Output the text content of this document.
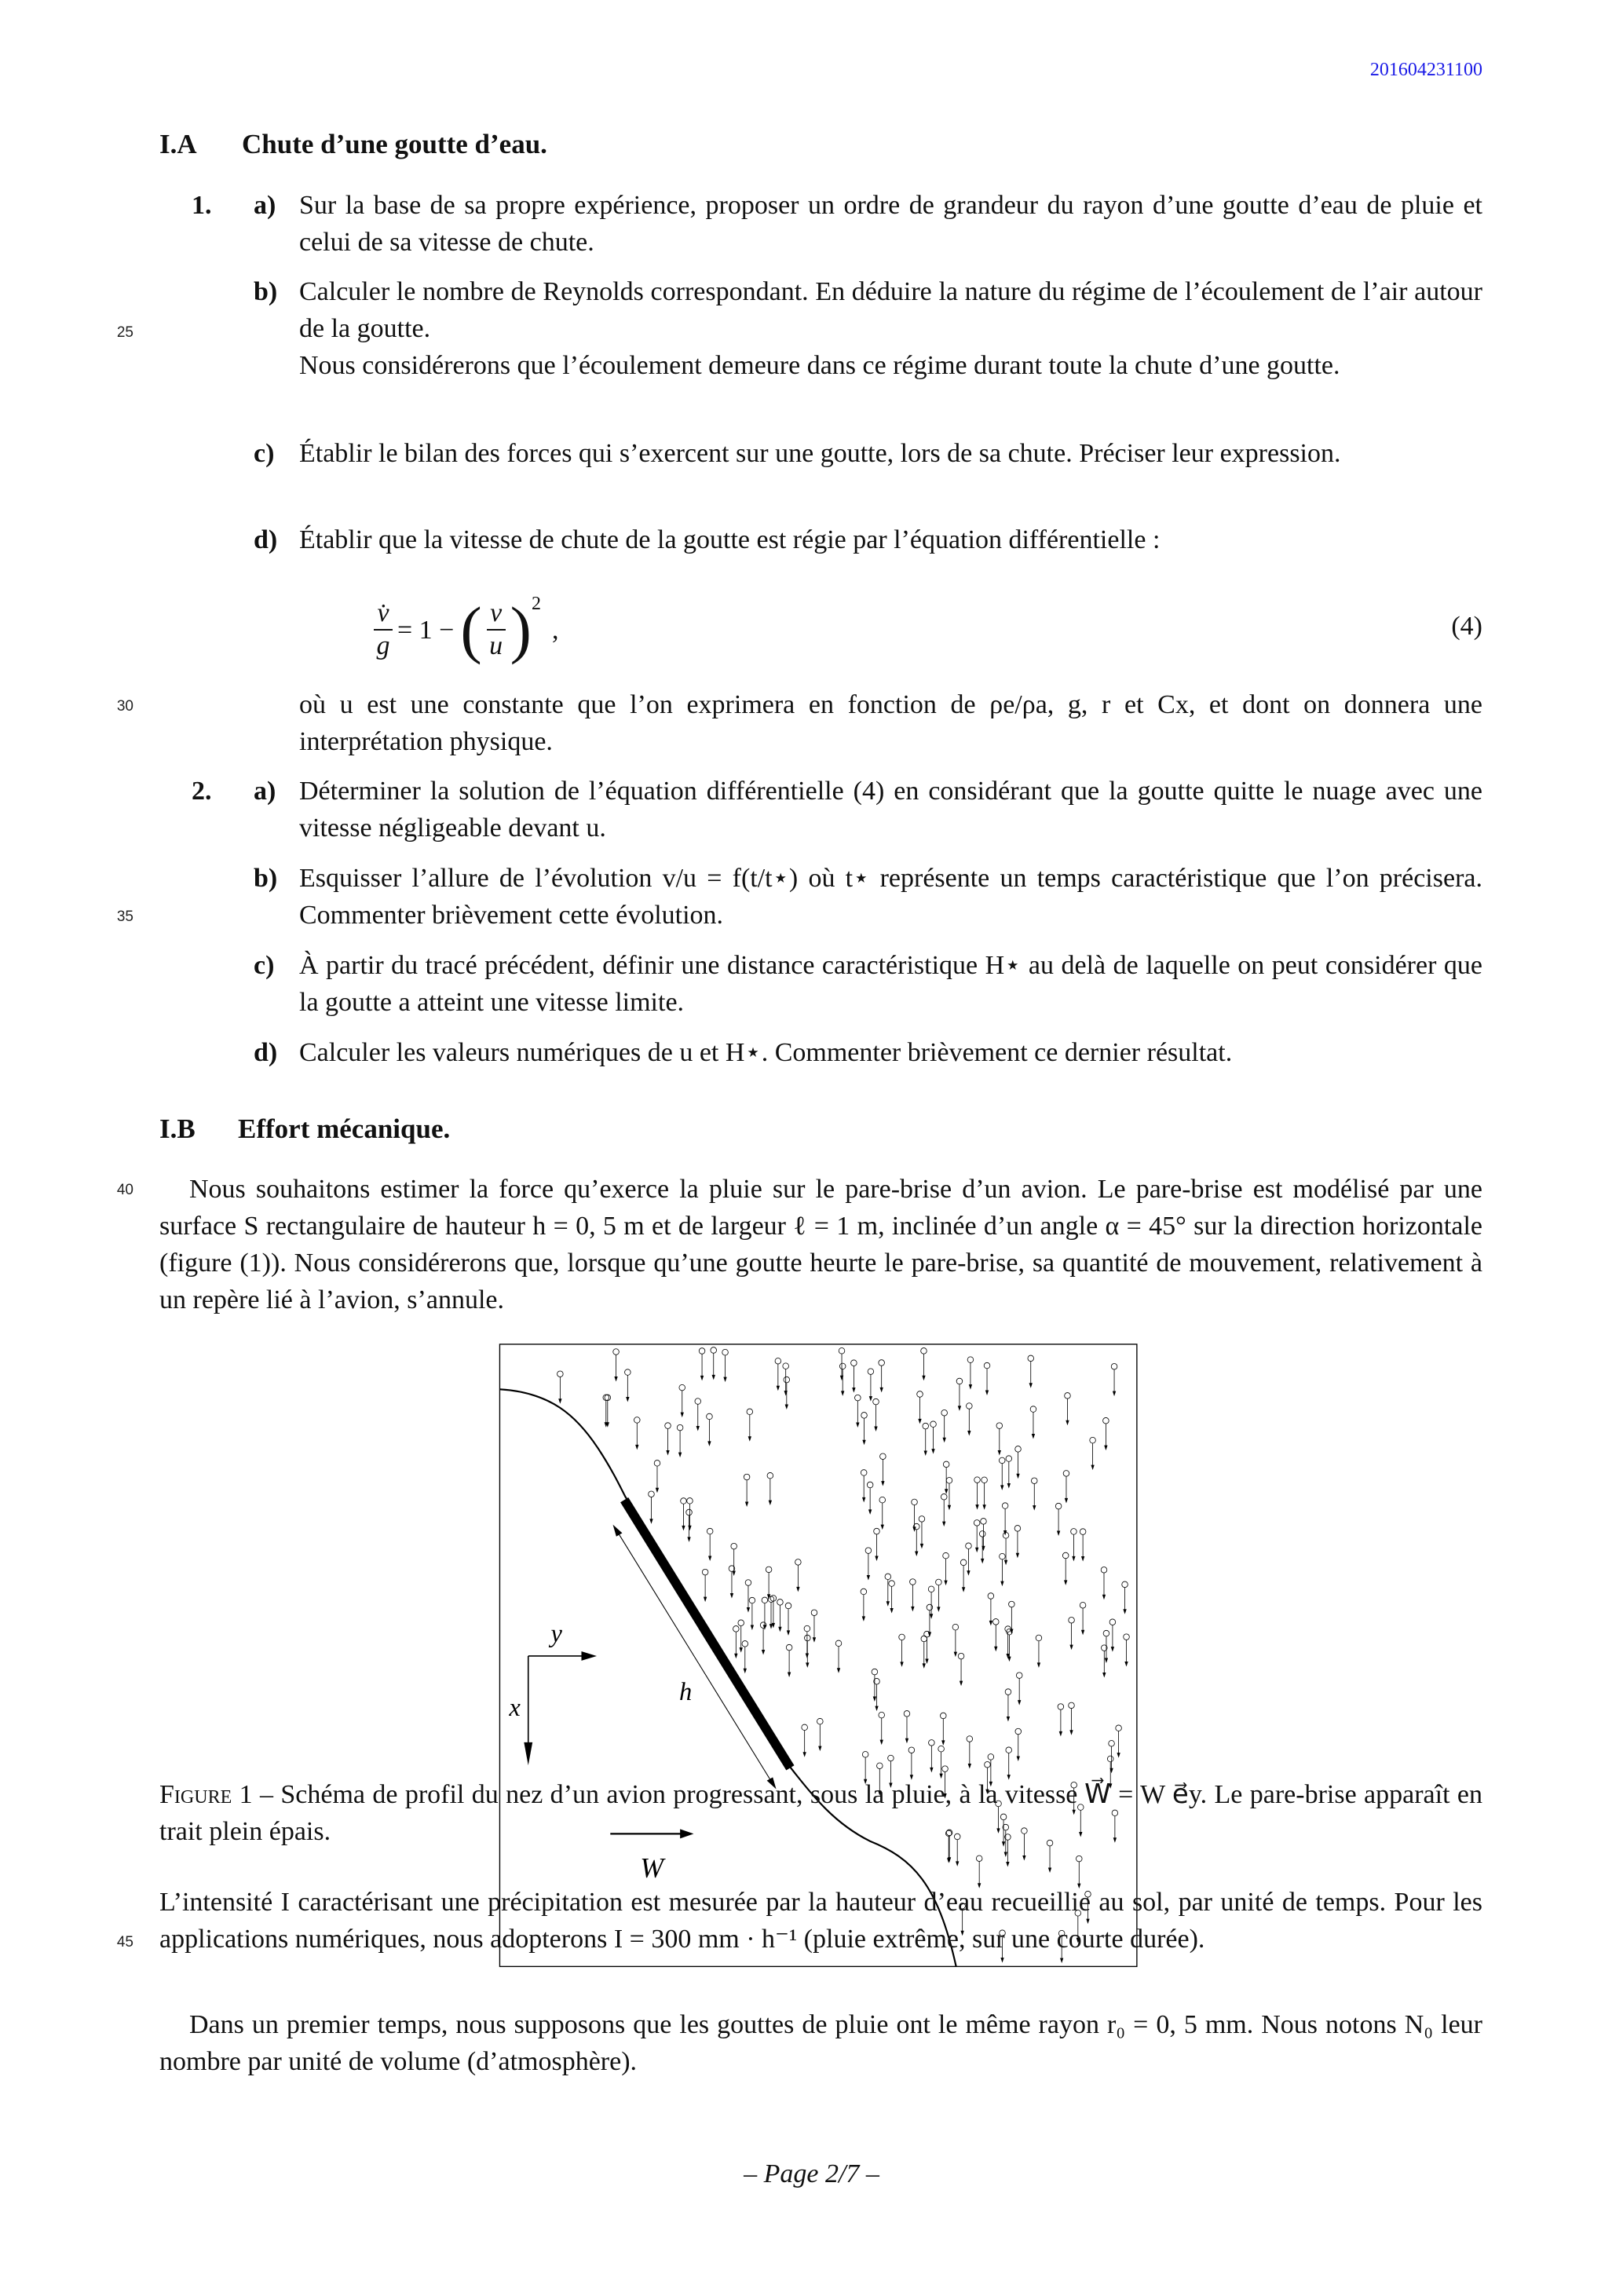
201604231100
25
30
35
40
45
I.A Chute d’une goutte d’eau.
1. a) Sur la base de sa propre expérience, proposer un ordre de grandeur du rayon d’une goutte d’eau de pluie et celui de sa vitesse de chute.
b) Calculer le nombre de Reynolds correspondant. En déduire la nature du régime de l’écoulement de l’air autour de la goutte.
Nous considérerons que l’écoulement demeure dans ce régime durant toute la chute d’une goutte.
c) Établir le bilan des forces qui s’exercent sur une goutte, lors de sa chute. Préciser leur expression.
d) Établir que la vitesse de chute de la goutte est régie par l’équation différentielle :
$\frac{v̇}{g} = 1$ − ( $\frac{v}{u}$ ) 2
,	(4)
où u est une constante que l’on exprimera en fonction de ρe/ρa, g, r et Cx, et dont on donnera une interprétation physique.
2. a) Déterminer la solution de l’équation différentielle (4) en considérant que la goutte quitte le nuage avec une vitesse négligeable devant u.
b) Esquisser l’allure de l’évolution v/u = f(t/t⋆) où t⋆ représente un temps caractéristique que l’on précisera. Commenter brièvement cette évolution.
c) À partir du tracé précédent, définir une distance caractéristique H⋆ au delà de laquelle on peut considérer que la goutte a atteint une vitesse limite.
d) Calculer les valeurs numériques de u et H⋆. Commenter brièvement ce dernier résultat.
I.B Effort mécanique.
Nous souhaitons estimer la force qu’exerce la pluie sur le pare-brise d’un avion. Le pare-brise est modélisé par une surface S rectangulaire de hauteur h = 0, 5 m et de largeur ℓ = 1 m, inclinée d’un angle α = 45° sur la direction horizontale (figure (1)). Nous considérerons que, lorsque qu’une goutte heurte le pare-brise, sa quantité de mouvement, relativement à un repère lié à l’avion, s’annule.
h
y
x
W
Figure 1 – Schéma de profil du nez d’un avion progressant, sous la pluie, à la vitesse W⃗ = W e⃗y. Le pare-brise apparaît en trait plein épais.
L’intensité I caractérisant une précipitation est mesurée par la hauteur d’eau recueillie au sol, par unité de temps. Pour les applications numériques, nous adopterons I = 300 mm · h⁻¹ (pluie extrême, sur une courte durée).
Dans un premier temps, nous supposons que les gouttes de pluie ont le même rayon r₀ = 0, 5 mm. Nous notons N₀ leur nombre par unité de volume (d’atmosphère).
– Page 2/7 –
